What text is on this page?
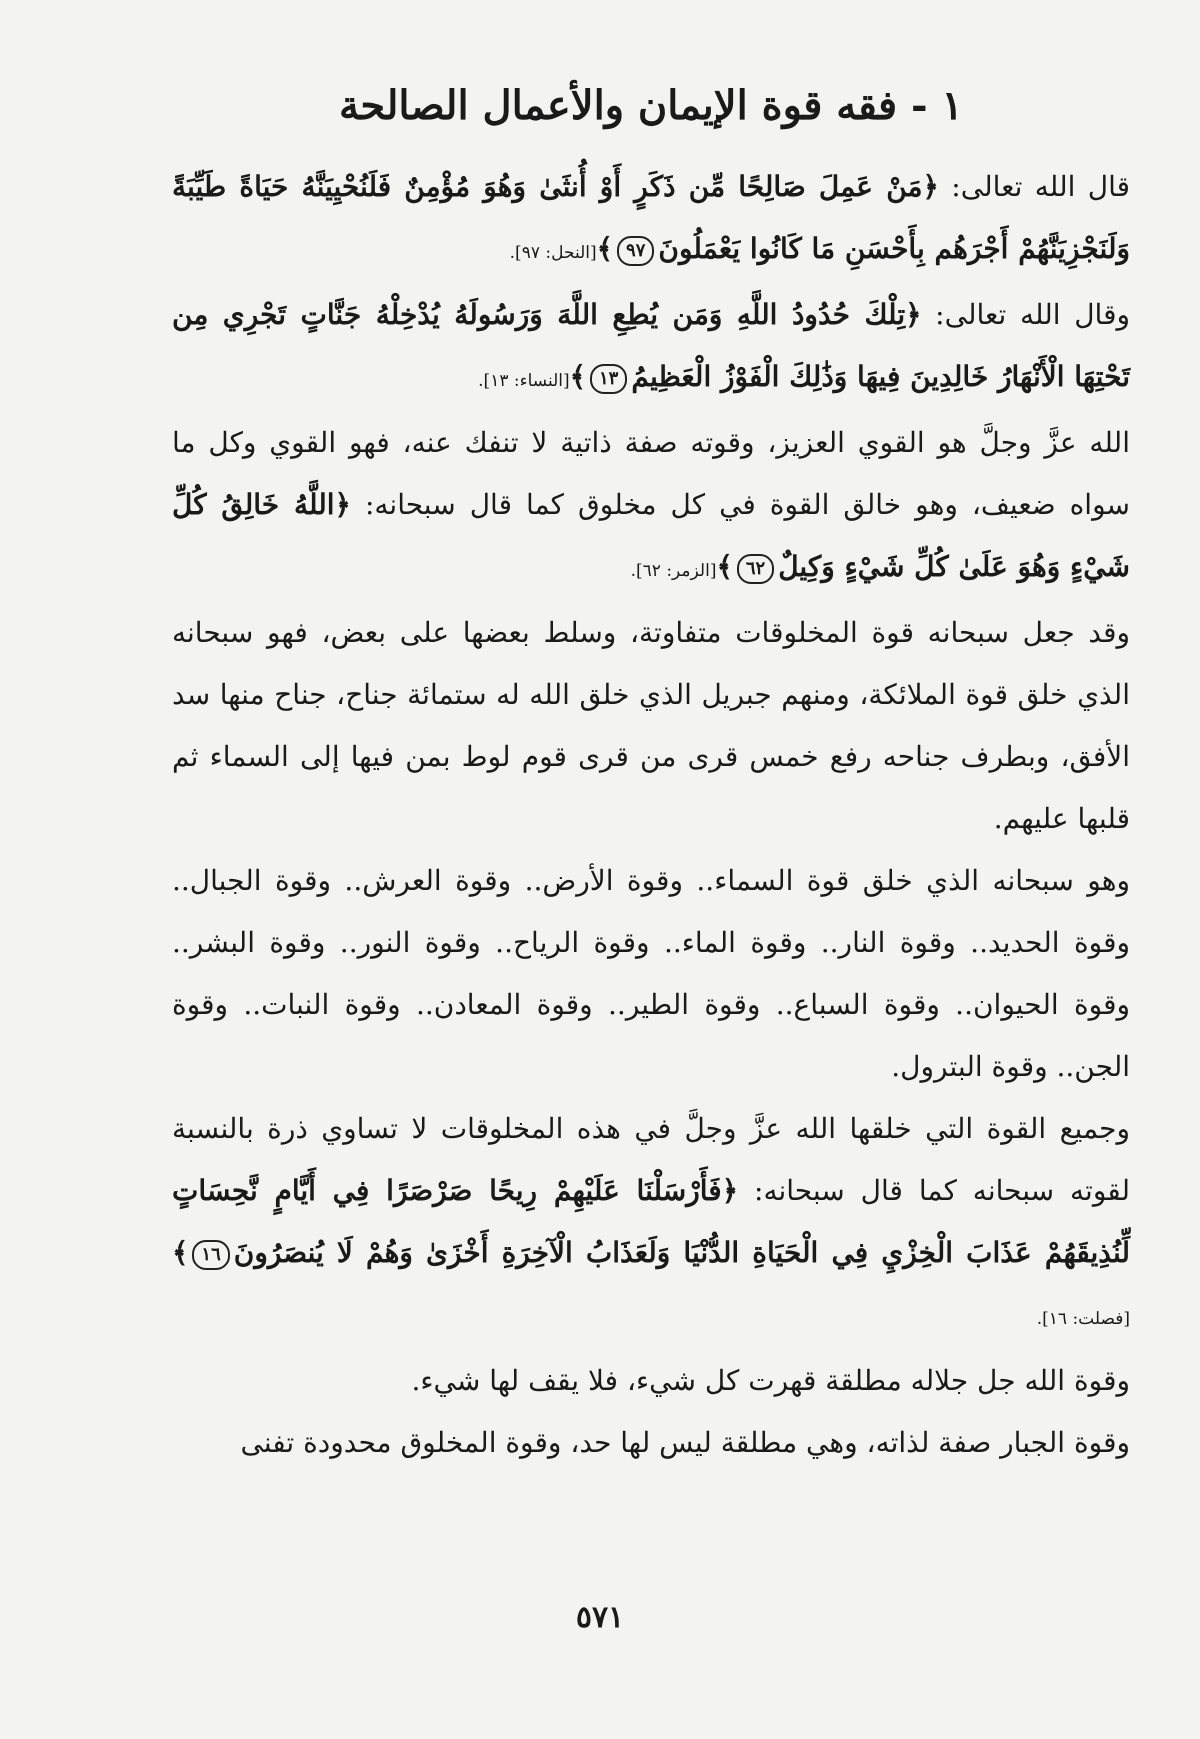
١ - فقه قوة الإيمان والأعمال الصالحة

قال الله تعالى: ﴿مَنْ عَمِلَ صَالِحًا مِّن ذَكَرٍ أَوْ أُنثَىٰ وَهُوَ مُؤْمِنٌ فَلَنُحْيِيَنَّهُ حَيَاةً طَيِّبَةً وَلَنَجْزِيَنَّهُمْ أَجْرَهُم بِأَحْسَنِ مَا كَانُوا يَعْمَلُونَ٩٧﴾[النحل: ٩٧].

وقال الله تعالى: ﴿تِلْكَ حُدُودُ اللَّهِ وَمَن يُطِعِ اللَّهَ وَرَسُولَهُ يُدْخِلْهُ جَنَّاتٍ تَجْرِي مِن تَحْتِهَا الْأَنْهَارُ خَالِدِينَ فِيهَا وَذَٰلِكَ الْفَوْزُ الْعَظِيمُ١٣﴾[النساء: ١٣].

الله عزَّ وجلَّ هو القوي العزيز، وقوته صفة ذاتية لا تنفك عنه، فهو القوي وكل ما سواه ضعيف، وهو خالق القوة في كل مخلوق كما قال سبحانه: ﴿اللَّهُ خَالِقُ كُلِّ شَيْءٍ وَهُوَ عَلَىٰ كُلِّ شَيْءٍ وَكِيلٌ٦٢﴾[الزمر: ٦٢].

وقد جعل سبحانه قوة المخلوقات متفاوتة، وسلط بعضها على بعض، فهو سبحانه الذي خلق قوة الملائكة، ومنهم جبريل الذي خلق الله له ستمائة جناح، جناح منها سد الأفق، وبطرف جناحه رفع خمس قرى من قرى قوم لوط بمن فيها إلى السماء ثم قلبها عليهم.

وهو سبحانه الذي خلق قوة السماء.. وقوة الأرض.. وقوة العرش.. وقوة الجبال.. وقوة الحديد.. وقوة النار.. وقوة الماء.. وقوة الرياح.. وقوة النور.. وقوة البشر.. وقوة الحيوان.. وقوة السباع.. وقوة الطير.. وقوة المعادن.. وقوة النبات.. وقوة الجن.. وقوة البترول.

وجميع القوة التي خلقها الله عزَّ وجلَّ في هذه المخلوقات لا تساوي ذرة بالنسبة لقوته سبحانه كما قال سبحانه: ﴿فَأَرْسَلْنَا عَلَيْهِمْ رِيحًا صَرْصَرًا فِي أَيَّامٍ نَّحِسَاتٍ لِّنُذِيقَهُمْ عَذَابَ الْخِزْيِ فِي الْحَيَاةِ الدُّنْيَا وَلَعَذَابُ الْآخِرَةِ أَخْزَىٰ وَهُمْ لَا يُنصَرُونَ١٦﴾[فصلت: ١٦].

وقوة الله جل جلاله مطلقة قهرت كل شيء، فلا يقف لها شيء.

وقوة الجبار صفة لذاته، وهي مطلقة ليس لها حد، وقوة المخلوق محدودة تفنى

٥٧١
